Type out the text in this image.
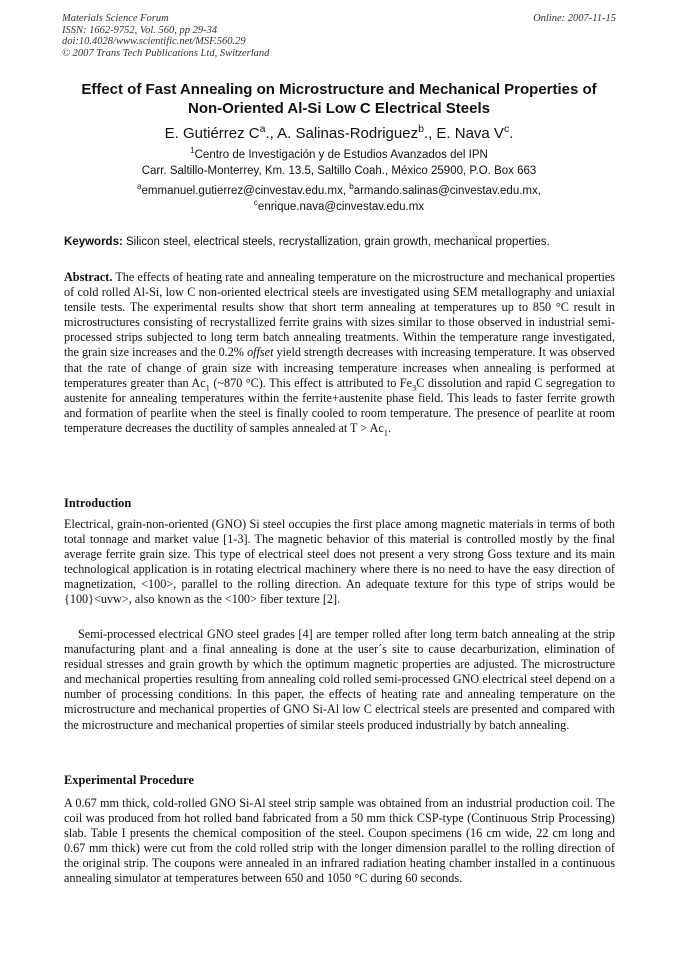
Materials Science Forum
ISSN: 1662-9752, Vol. 560, pp 29-34
doi:10.4028/www.scientific.net/MSF.560.29
© 2007 Trans Tech Publications Ltd, Switzerland
Online: 2007-11-15
Effect of Fast Annealing on Microstructure and Mechanical Properties of
Non-Oriented Al-Si Low C Electrical Steels
E. Gutiérrez $C^a$., A. Salinas-Rodriguez$^b$., E. Nava $V^c$.
$^1$Centro de Investigación y de Estudios Avanzados del IPN
Carr. Saltillo-Monterrey, Km. 13.5, Saltillo Coah., México 25900, P.O. Box 663
$^a$emmanuel.gutierrez@cinvestav.edu.mx, $^b$armando.salinas@cinvestav.edu.mx,
$^c$enrique.nava@cinvestav.edu.mx
Keywords: Silicon steel, electrical steels, recrystallization, grain growth, mechanical properties.
Abstract. The effects of heating rate and annealing temperature on the microstructure and mechanical properties of cold rolled Al-Si, low C non-oriented electrical steels are investigated using SEM metallography and uniaxial tensile tests. The experimental results show that short term annealing at temperatures up to 850 °C result in microstructures consisting of recrystallized ferrite grains with sizes similar to those observed in industrial semi-processed strips subjected to long term batch annealing treatments. Within the temperature range investigated, the grain size increases and the 0.2% offset yield strength decreases with increasing temperature. It was observed that the rate of change of grain size with increasing temperature increases when annealing is performed at temperatures greater than $Ac_1$ (~870 °C). This effect is attributed to $Fe_3C$ dissolution and rapid C segregation to austenite for annealing temperatures within the ferrite+austenite phase field. This leads to faster ferrite growth and formation of pearlite when the steel is finally cooled to room temperature. The presence of pearlite at room temperature decreases the ductility of samples annealed at $T > Ac_1$.
Introduction
Electrical, grain-non-oriented (GNO) Si steel occupies the first place among magnetic materials in terms of both total tonnage and market value [1-3]. The magnetic behavior of this material is controlled mostly by the final average ferrite grain size. This type of electrical steel does not present a very strong Goss texture and its main technological application is in rotating electrical machinery where there is no need to have the easy direction of magnetization, <100>, parallel to the rolling direction. An adequate texture for this type of strips would be {100}<uvw>, also known as the <100> fiber texture [2].
Semi-processed electrical GNO steel grades [4] are temper rolled after long term batch annealing at the strip manufacturing plant and a final annealing is done at the user´s site to cause decarburization, elimination of residual stresses and grain growth by which the optimum magnetic properties are adjusted. The microstructure and mechanical properties resulting from annealing cold rolled semi-processed GNO electrical steel depend on a number of processing conditions. In this paper, the effects of heating rate and annealing temperature on the microstructure and mechanical properties of GNO Si-Al low C electrical steels are presented and compared with the microstructure and mechanical properties of similar steels produced industrially by batch annealing.
Experimental Procedure
A 0.67 mm thick, cold-rolled GNO Si-Al steel strip sample was obtained from an industrial production coil. The coil was produced from hot rolled band fabricated from a 50 mm thick CSP-type (Continuous Strip Processing) slab. Table I presents the chemical composition of the steel. Coupon specimens (16 cm wide, 22 cm long and 0.67 mm thick) were cut from the cold rolled strip with the longer dimension parallel to the rolling direction of the original strip. The coupons were annealed in an infrared radiation heating chamber installed in a continuous annealing simulator at temperatures between 650 and 1050 °C during 60 seconds.
